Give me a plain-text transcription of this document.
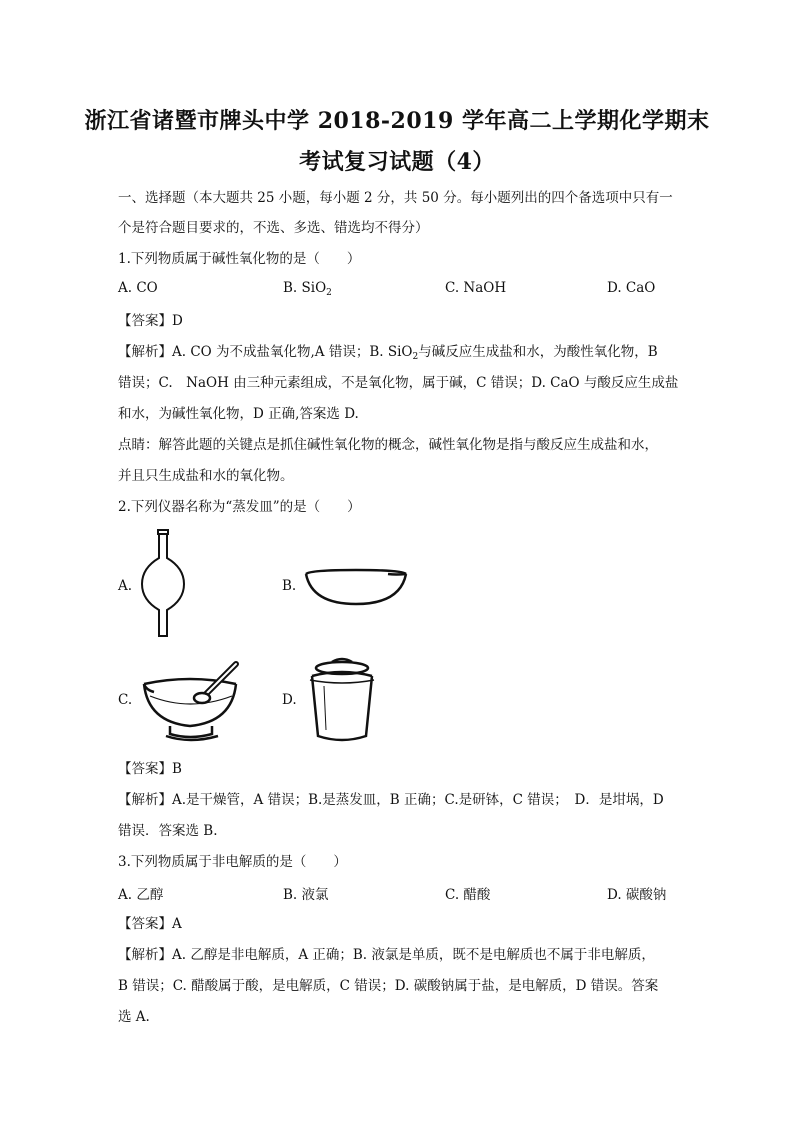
浙江省诸暨市牌头中学 2018-2019 学年高二上学期化学期末
考试复习试题（4）
一、选择题（本大题共 25 小题，每小题 2 分，共 50 分。每小题列出的四个备选项中只有一
个是符合题目要求的，不选、多选、错选均不得分）
1.下列物质属于碱性氧化物的是（　　）
A. CO	B. SiO$_2$	C. NaOH	D. CaO
【答案】D
【解析】A. CO 为不成盐氧化物,A 错误；B. SiO$_2$与碱反应生成盐和水，为酸性氧化物，B
错误；C.　NaOH 由三种元素组成，不是氧化物，属于碱，C 错误；D. CaO 与酸反应生成盐
和水，为碱性氧化物，D 正确,答案选 D.
点睛：解答此题的关键点是抓住碱性氧化物的概念，碱性氧化物是指与酸反应生成盐和水，
并且只生成盐和水的氧化物。
2.下列仪器名称为“蒸发皿”的是（　　）
A.	B.
C.	D.
【答案】B
【解析】A.是干燥管，A 错误；B.是蒸发皿，B 正确；C.是研钵，C 错误；　D．是坩埚，D
错误．答案选 B.
3.下列物质属于非电解质的是（　　）
A. 乙醇	B. 液氯	C. 醋酸	D. 碳酸钠
【答案】A
【解析】A. 乙醇是非电解质，A 正确；B. 液氯是单质，既不是电解质也不属于非电解质，
B 错误；C. 醋酸属于酸，是电解质，C 错误；D. 碳酸钠属于盐，是电解质，D 错误。答案
选 A.
